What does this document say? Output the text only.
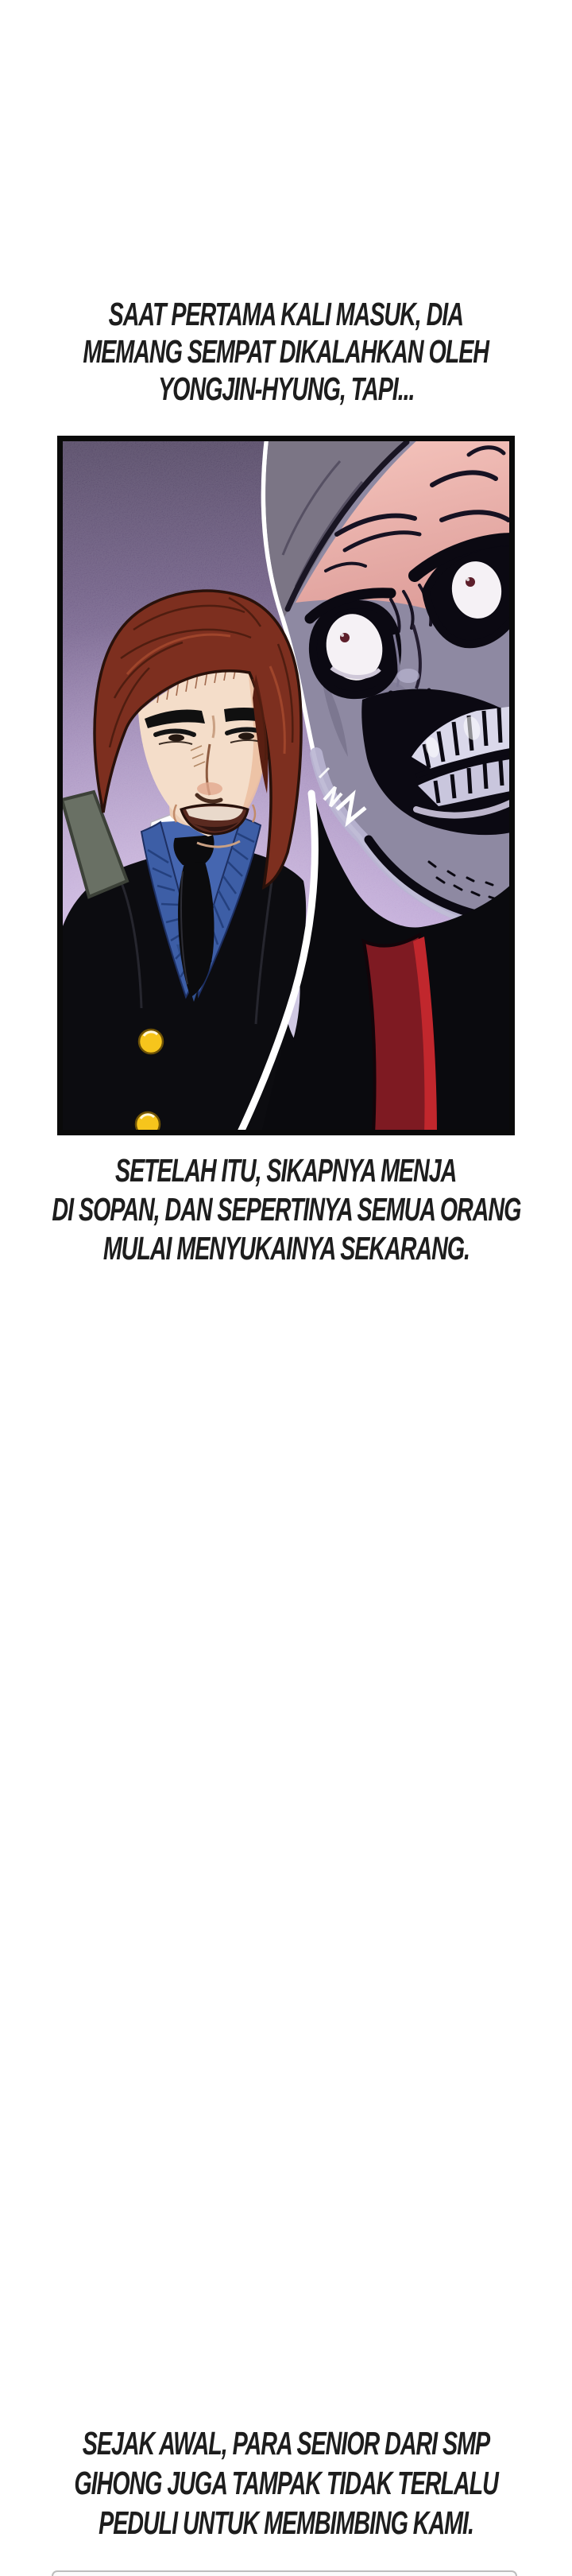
SAAT PERTAMA KALI MASUK, DIA
MEMANG SEMPAT DIKALAHKAN OLEH
YONGJIN-HYUNG, TAPI...
SETELAH ITU, SIKAPNYA MENJA
DI SOPAN, DAN SEPERTINYA SEMUA ORANG
MULAI MENYUKAINYA SEKARANG.
SEJAK AWAL, PARA SENIOR DARI SMP
GIHONG JUGA TAMPAK TIDAK TERLALU
PEDULI UNTUK MEMBIMBING KAMI.
